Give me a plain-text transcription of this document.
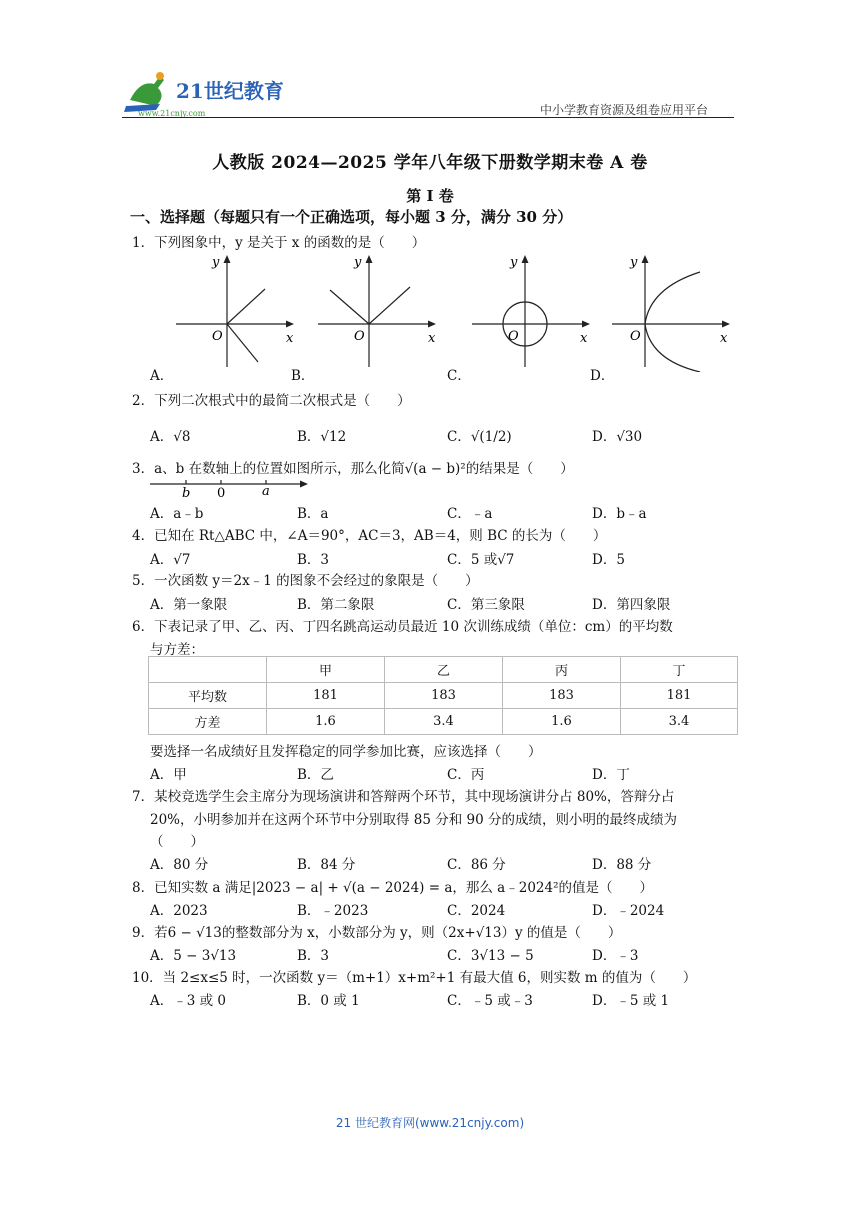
21世纪教育
www.21cnjy.com	中小学教育资源及组卷应用平台
人教版 2024—2025 学年八年级下册数学期末卷 A 卷
第 I 卷
一、选择题（每题只有一个正确选项，每小题 3 分，满分 30 分）
1．下列图象中，y 是关于 x 的函数的是（　　）
y
x
O
y
x
O
y
x
O
y
x
O
A．	B．	C．	D．
2．下列二次根式中的最简二次根式是（　　）
A．√8	B．√12	C．√(1/2)	D．√30
3．a、b 在数轴上的位置如图所示，那么化简√(a − b)²的结果是（　　）
b 0	a
A．a﹣b	B．a	C．﹣a	D．b﹣a
4．已知在 Rt△ABC 中，∠A＝90°，AC＝3，AB＝4，则 BC 的长为（　　）
A．√7	B．3	C．5 或√7	D．5
5．一次函数 y＝2x﹣1 的图象不会经过的象限是（　　）
A．第一象限	B．第二象限	C．第三象限	D．第四象限
6．下表记录了甲、乙、丙、丁四名跳高运动员最近 10 次训练成绩（单位：cm）的平均数
与方差：
	甲	乙	丙	丁
平均数	181	183	183	181
方差	1.6	3.4	1.6	3.4
要选择一名成绩好且发挥稳定的同学参加比赛，应该选择（　　）
A．甲	B．乙	C．丙	D．丁
7．某校竞选学生会主席分为现场演讲和答辩两个环节，其中现场演讲分占 80%，答辩分占
20%，小明参加并在这两个环节中分别取得 85 分和 90 分的成绩，则小明的最终成绩为
（　　）
A．80 分	B．84 分	C．86 分	D．88 分
8．已知实数 a 满足|2023 − a| + √(a − 2024) = a，那么 a﹣2024²的值是（　　）
A．2023	B．﹣2023	C．2024	D．﹣2024
9．若6 − √13的整数部分为 x，小数部分为 y，则（2x+√13）y 的值是（　　）
A．5 − 3√13	B．3	C．3√13 − 5	D．﹣3
10．当 2≤x≤5 时，一次函数 y＝（m+1）x+m²+1 有最大值 6，则实数 m 的值为（　　）
A．﹣3 或 0	B．0 或 1	C．﹣5 或﹣3	D．﹣5 或 1
21 世纪教育网(www.21cnjy.com)
